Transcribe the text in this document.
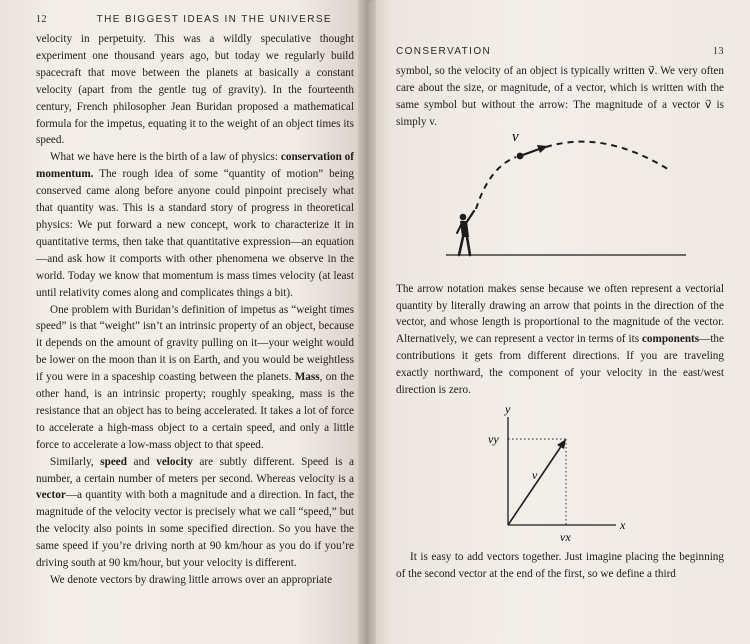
12	THE BIGGEST IDEAS IN THE UNIVERSE

velocity in perpetuity. This was a wildly speculative thought experiment one thousand years ago, but today we regularly build spacecraft that move between the planets at basically a constant velocity (apart from the gentle tug of gravity). In the fourteenth century, French philosopher Jean Buridan proposed a mathematical formula for the impetus, equating it to the weight of an object times its speed.

What we have here is the birth of a law of physics: conservation of momentum. The rough idea of some “quantity of motion” being conserved came along before anyone could pinpoint precisely what that quantity was. This is a standard story of progress in theoretical physics: We put forward a new concept, work to characterize it in quantitative terms, then take that quantitative expression—an equation—and ask how it comports with other phenomena we observe in the world. Today we know that momentum is mass times velocity (at least until relativity comes along and complicates things a bit).

One problem with Buridan’s definition of impetus as “weight times speed” is that “weight” isn’t an intrinsic property of an object, because it depends on the amount of gravity pulling on it—your weight would be lower on the moon than it is on Earth, and you would be weightless if you were in a spaceship coasting between the planets. Mass, on the other hand, is an intrinsic property; roughly speaking, mass is the resistance that an object has to being accelerated. It takes a lot of force to accelerate a high-mass object to a certain speed, and only a little force to accelerate a low-mass object to that speed.

Similarly, speed and velocity are subtly different. Speed is a number, a certain number of meters per second. Whereas velocity is a vector—a quantity with both a magnitude and a direction. In fact, the magnitude of the velocity vector is precisely what we call “speed,” but the velocity also points in some specified direction. So you have the same speed if you’re driving north at 90 km/hour as you do if you’re driving south at 90 km/hour, but your velocity is different.

We denote vectors by drawing little arrows over an appropriate

CONSERVATION	13

symbol, so the velocity of an object is typically written v⃗. We very often care about the size, or magnitude, of a vector, which is written with the same symbol but without the arrow: The magnitude of a vector v⃗ is simply v.

v⃗

The arrow notation makes sense because we often represent a vectorial quantity by literally drawing an arrow that points in the direction of the vector, and whose length is proportional to the magnitude of the vector. Alternatively, we can represent a vector in terms of its components—the contributions it gets from different directions. If you are traveling exactly northward, the component of your velocity in the east/west direction is zero.

y
x
v⃗
vy
vx

It is easy to add vectors together. Just imagine placing the beginning of the second vector at the end of the first, so we define a third
